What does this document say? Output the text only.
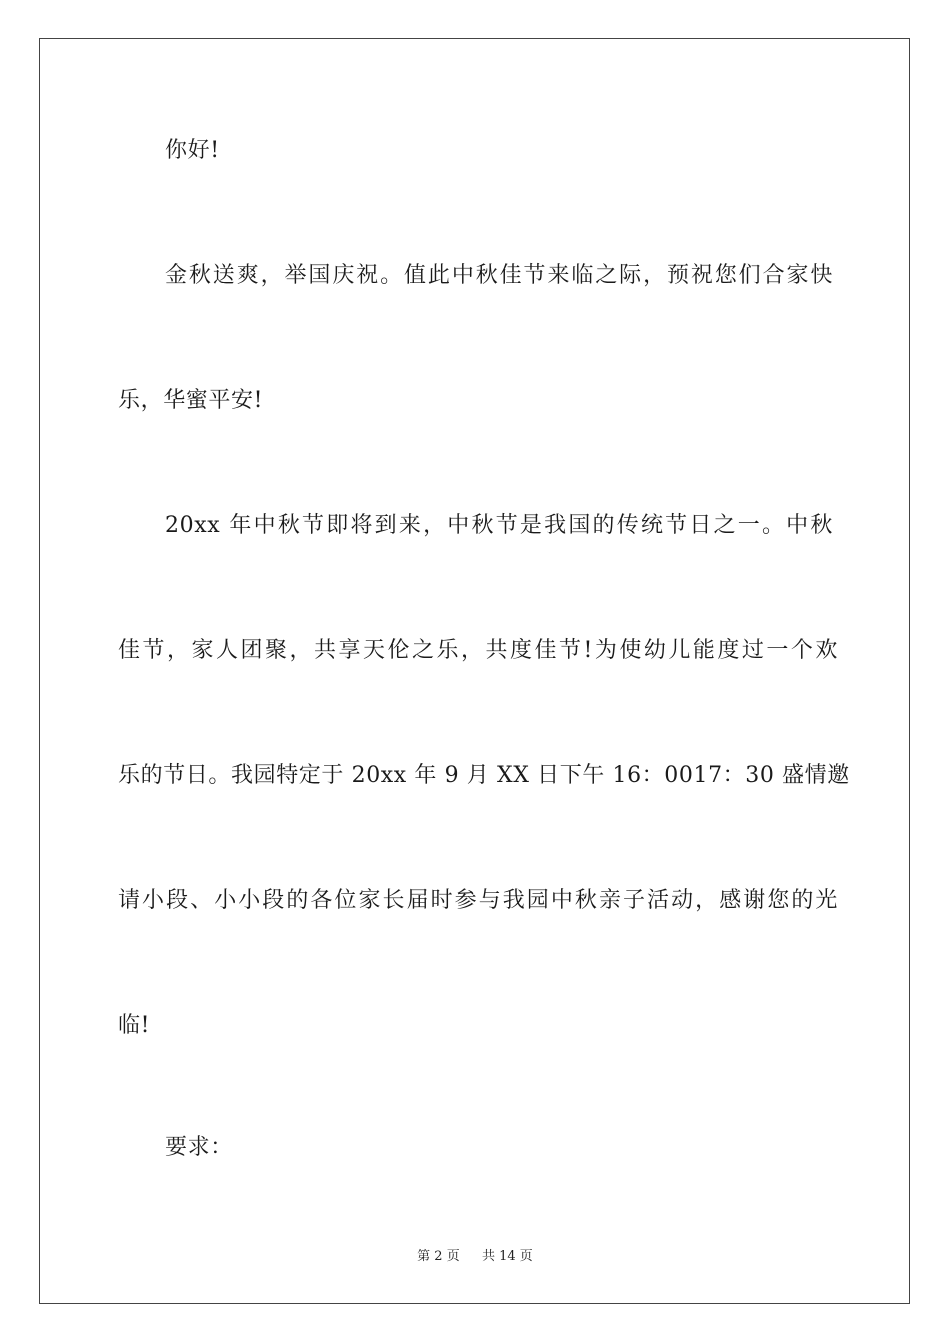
你好!
金秋送爽，举国庆祝。值此中秋佳节来临之际，预祝您们合家快
乐，华蜜平安!
20xx 年中秋节即将到来，中秋节是我国的传统节日之一。中秋
佳节，家人团聚，共享天伦之乐，共度佳节!为使幼儿能度过一个欢
乐的节日。我园特定于 20xx 年 9 月 XX 日下午 16：0017：30 盛情邀
请小段、小小段的各位家长届时参与我园中秋亲子活动，感谢您的光
临!
要求：
第 2 页 共 14 页
